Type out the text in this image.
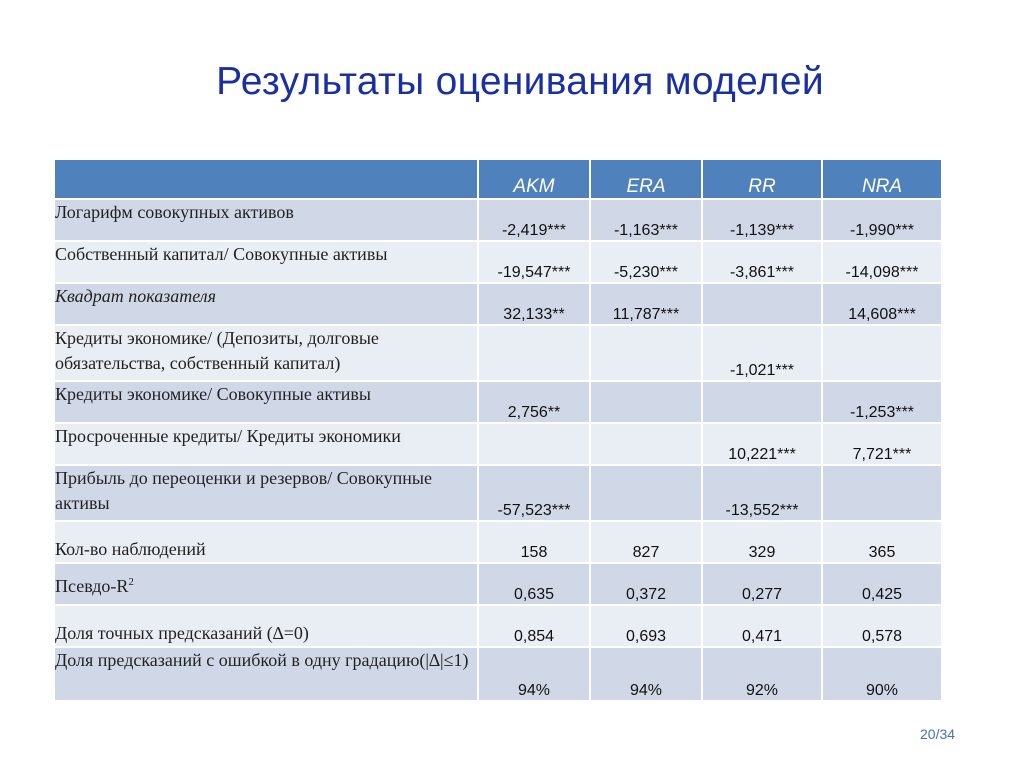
Результаты оценивания моделей
	AKM	ERA	RR	NRA
Логарифм совокупных активов	-2,419***	-1,163***	-1,139***	-1,990***
Собственный капитал/ Совокупные активы	-19,547***	-5,230***	-3,861***	-14,098***
Квадрат показателя	32,133**	11,787***		14,608***
Кредиты экономике/ (Депозиты, долговые обязательства, собственный капитал)			-1,021***	
Кредиты экономике/ Совокупные активы	2,756**			-1,253***
Просроченные кредиты/ Кредиты экономики			10,221***	7,721***
Прибыль до переоценки и резервов/ Совокупные активы	-57,523***		-13,552***	
Кол-во наблюдений	158	827	329	365
Псевдо-$R^2$	0,635	0,372	0,277	0,425
Доля точных предсказаний (∆=0)	0,854	0,693	0,471	0,578
Доля предсказаний с ошибкой в одну градацию(|∆|≤1)	94%	94%	92%	90%
20/34
